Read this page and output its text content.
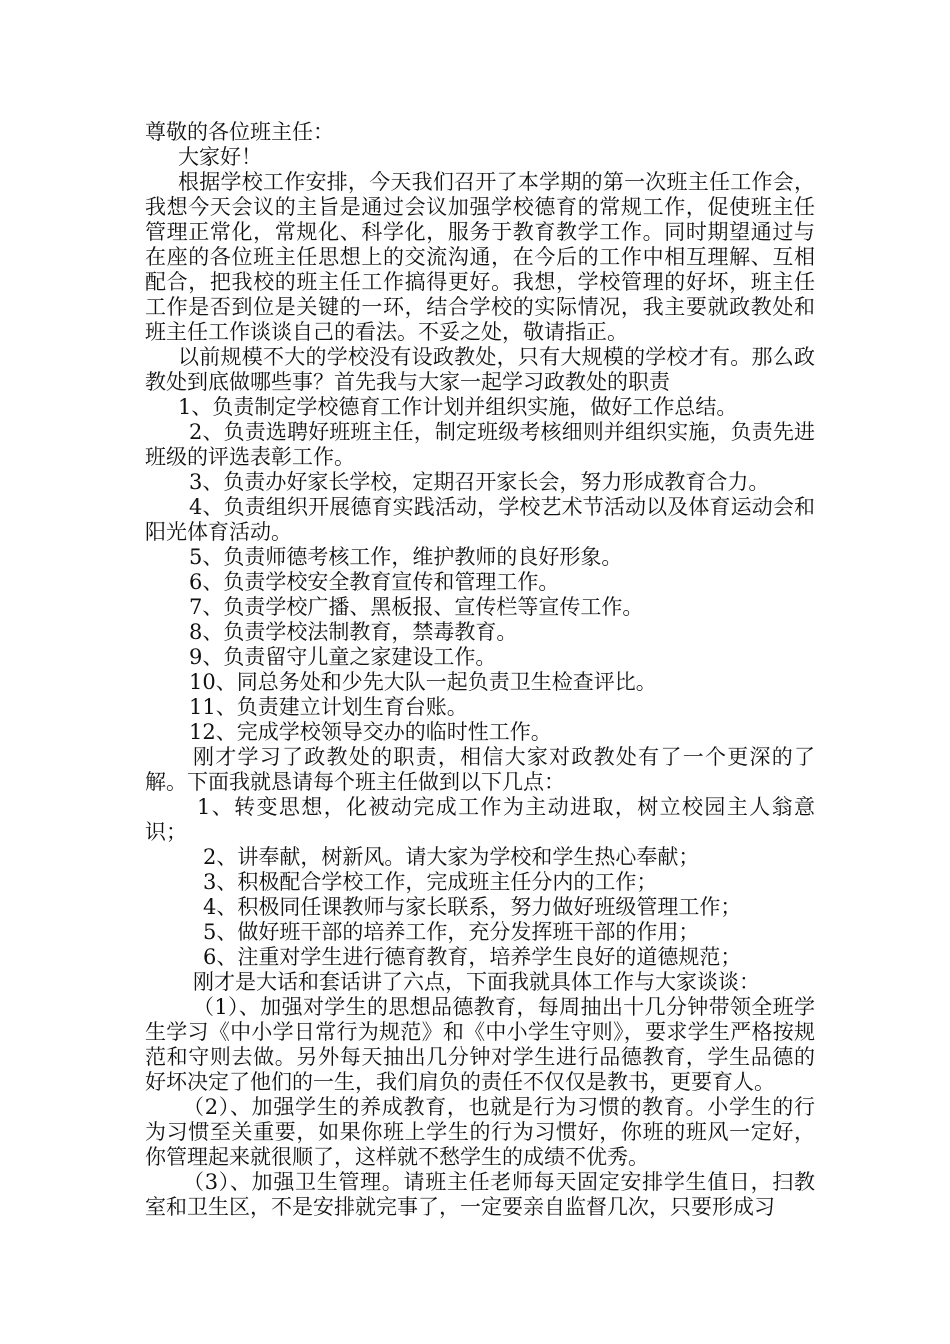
尊敬的各位班主任：

大家好！

根据学校工作安排，今天我们召开了本学期的第一次班主任工作会，我想今天会议的主旨是通过会议加强学校德育的常规工作，促使班主任管理正常化，常规化、科学化，服务于教育教学工作。同时期望通过与在座的各位班主任思想上的交流沟通，在今后的工作中相互理解、互相配合，把我校的班主任工作搞得更好。我想，学校管理的好坏，班主任工作是否到位是关键的一环，结合学校的实际情况，我主要就政教处和班主任工作谈谈自己的看法。不妥之处，敬请指正。

以前规模不大的学校没有设政教处，只有大规模的学校才有。那么政教处到底做哪些事？首先我与大家一起学习政教处的职责

1、负责制定学校德育工作计划并组织实施，做好工作总结。

2、负责选聘好班班主任，制定班级考核细则并组织实施，负责先进班级的评选表彰工作。

3、负责办好家长学校，定期召开家长会，努力形成教育合力。

4、负责组织开展德育实践活动，学校艺术节活动以及体育运动会和阳光体育活动。

5、负责师德考核工作，维护教师的良好形象。

6、负责学校安全教育宣传和管理工作。

7、负责学校广播、黑板报、宣传栏等宣传工作。

8、负责学校法制教育，禁毒教育。

9、负责留守儿童之家建设工作。

10、同总务处和少先大队一起负责卫生检查评比。

11、负责建立计划生育台账。

12、完成学校领导交办的临时性工作。

刚才学习了政教处的职责，相信大家对政教处有了一个更深的了解。下面我就恳请每个班主任做到以下几点：

1、转变思想，化被动完成工作为主动进取，树立校园主人翁意识；

2、讲奉献，树新风。请大家为学校和学生热心奉献；

3、积极配合学校工作，完成班主任分内的工作；

4、积极同任课教师与家长联系，努力做好班级管理工作；

5、做好班干部的培养工作，充分发挥班干部的作用；

6、注重对学生进行德育教育，培养学生良好的道德规范；

刚才是大话和套话讲了六点，下面我就具体工作与大家谈谈：

（1）、加强对学生的思想品德教育，每周抽出十几分钟带领全班学生学习《中小学日常行为规范》和《中小学生守则》，要求学生严格按规范和守则去做。另外每天抽出几分钟对学生进行品德教育，学生品德的好坏决定了他们的一生，我们肩负的责任不仅仅是教书，更要育人。

（2）、加强学生的养成教育，也就是行为习惯的教育。小学生的行为习惯至关重要，如果你班上学生的行为习惯好，你班的班风一定好，你管理起来就很顺了，这样就不愁学生的成绩不优秀。

（3）、加强卫生管理。请班主任老师每天固定安排学生值日，扫教室和卫生区，不是安排就完事了，一定要亲自监督几次，只要形成习
